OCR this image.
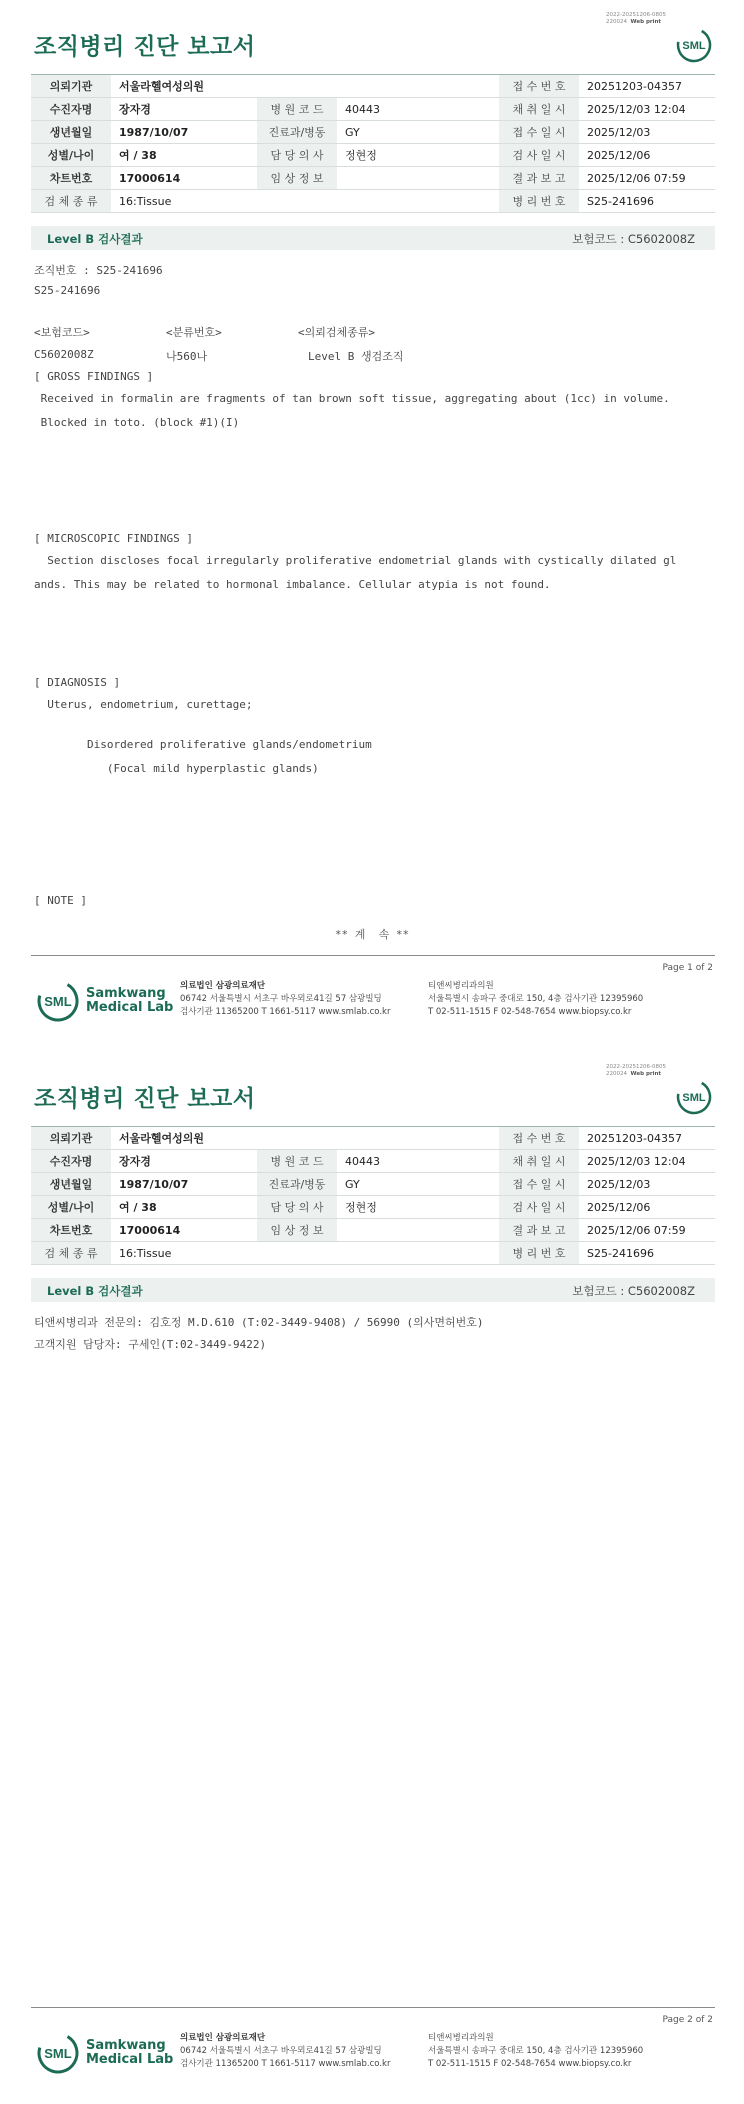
2022-20251206-0805
220024 Web print
조직병리 진단 보고서	SML
의뢰기관	서울라헬여성의원			접 수 번 호	20251203-04357
수진자명	장자경	병 원 코 드	40443	채 취 일 시	2025/12/03 12:04
생년월일	1987/10/07	진료과/병동	GY	접 수 일 시	2025/12/03
성별/나이	여 / 38	담 당 의 사	정현정	검 사 일 시	2025/12/06
차트번호	17000614	임 상 정 보		결 과 보 고	2025/12/06 07:59
검 체 종 류	16:Tissue			병 리 번 호	S25-241696
Level B 검사결과	보험코드 : C5602008Z
조직번호 : S25-241696
S25-241696
<보험코드>	<분류번호>	<의뢰검체종류>
C5602008Z	나560나	Level B 생검조직
[ GROSS FINDINGS ]
Received in formalin are fragments of tan brown soft tissue, aggregating about (1cc) in volume.
Blocked in toto. (block #1)(I)
[ MICROSCOPIC FINDINGS ]
Section discloses focal irregularly proliferative endometrial glands with cystically dilated gl
ands. This may be related to hormonal imbalance. Cellular atypia is not found.
[ DIAGNOSIS ]
Uterus, endometrium, curettage;
Disordered proliferative glands/endometrium
(Focal mild hyperplastic glands)
[ NOTE ]
** 계  속 **
Page 1 of 2
SML
Samkwang
Medical Lab
의료법인 삼광의료재단
06742 서울특별시 서초구 바우뫼로41길 57 삼광빌딩
검사기관 11365200 T 1661-5117 www.smlab.co.kr
티앤씨병리과의원
서울특별시 송파구 중대로 150, 4층 검사기관 12395960
T 02-511-1515 F 02-548-7654 www.biopsy.co.kr
2022-20251206-0805
220024 Web print
조직병리 진단 보고서	SML
의뢰기관	서울라헬여성의원			접 수 번 호	20251203-04357
수진자명	장자경	병 원 코 드	40443	채 취 일 시	2025/12/03 12:04
생년월일	1987/10/07	진료과/병동	GY	접 수 일 시	2025/12/03
성별/나이	여 / 38	담 당 의 사	정현정	검 사 일 시	2025/12/06
차트번호	17000614	임 상 정 보		결 과 보 고	2025/12/06 07:59
검 체 종 류	16:Tissue			병 리 번 호	S25-241696
Level B 검사결과	보험코드 : C5602008Z
티앤씨병리과 전문의: 김호정 M.D.610 (T:02-3449-9408) / 56990 (의사면허번호)
고객지원 담당자: 구세인(T:02-3449-9422)
Page 2 of 2
SML
Samkwang
Medical Lab
의료법인 삼광의료재단
06742 서울특별시 서초구 바우뫼로41길 57 삼광빌딩
검사기관 11365200 T 1661-5117 www.smlab.co.kr
티앤씨병리과의원
서울특별시 송파구 중대로 150, 4층 검사기관 12395960
T 02-511-1515 F 02-548-7654 www.biopsy.co.kr
